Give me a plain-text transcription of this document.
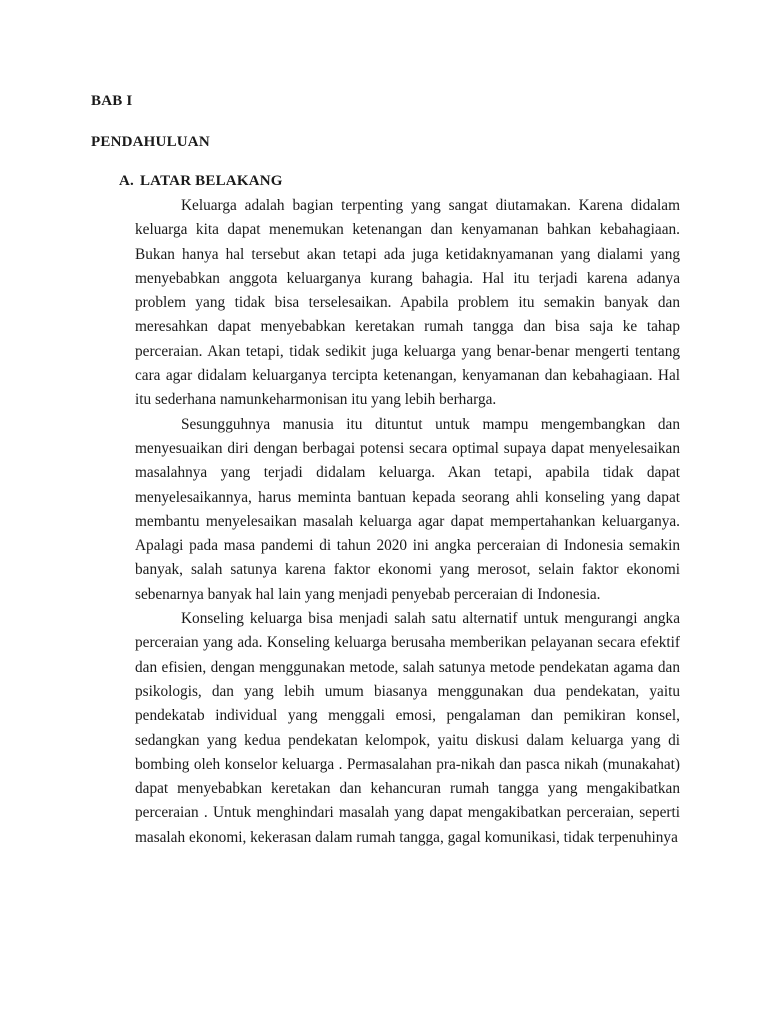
BAB I
PENDAHULUAN
A. LATAR BELAKANG

Keluarga adalah bagian terpenting yang sangat diutamakan. Karena didalam keluarga kita dapat menemukan ketenangan dan kenyamanan bahkan kebahagiaan. Bukan hanya hal tersebut akan tetapi ada juga ketidaknyamanan yang dialami yang menyebabkan anggota keluarganya kurang bahagia. Hal itu terjadi karena adanya problem yang tidak bisa terselesaikan. Apabila problem itu semakin banyak dan meresahkan dapat menyebabkan keretakan rumah tangga dan bisa saja ke tahap perceraian. Akan tetapi, tidak sedikit juga keluarga yang benar-benar mengerti tentang cara agar didalam keluarganya tercipta ketenangan, kenyamanan dan kebahagiaan. Hal itu sederhana namunkeharmonisan itu yang lebih berharga.

Sesungguhnya manusia itu dituntut untuk mampu mengembangkan dan menyesuaikan diri dengan berbagai potensi secara optimal supaya dapat menyelesaikan masalahnya yang terjadi didalam keluarga. Akan tetapi, apabila tidak dapat menyelesaikannya, harus meminta bantuan kepada seorang ahli konseling yang dapat membantu menyelesaikan masalah keluarga agar dapat mempertahankan keluarganya. Apalagi pada masa pandemi di tahun 2020 ini angka perceraian di Indonesia semakin banyak, salah satunya karena faktor ekonomi yang merosot, selain faktor ekonomi sebenarnya banyak hal lain yang menjadi penyebab perceraian di Indonesia.

Konseling keluarga bisa menjadi salah satu alternatif untuk mengurangi angka perceraian yang ada. Konseling keluarga berusaha memberikan pelayanan secara efektif dan efisien, dengan menggunakan metode, salah satunya metode pendekatan agama dan psikologis, dan yang lebih umum biasanya menggunakan dua pendekatan, yaitu pendekatab individual yang menggali emosi, pengalaman dan pemikiran konsel, sedangkan yang kedua pendekatan kelompok, yaitu diskusi dalam keluarga yang di bombing oleh konselor keluarga . Permasalahan pra-nikah dan pasca nikah (munakahat) dapat menyebabkan keretakan dan kehancuran rumah tangga yang mengakibatkan perceraian . Untuk menghindari masalah yang dapat mengakibatkan perceraian, seperti masalah ekonomi, kekerasan dalam rumah tangga, gagal komunikasi, tidak terpenuhinya
